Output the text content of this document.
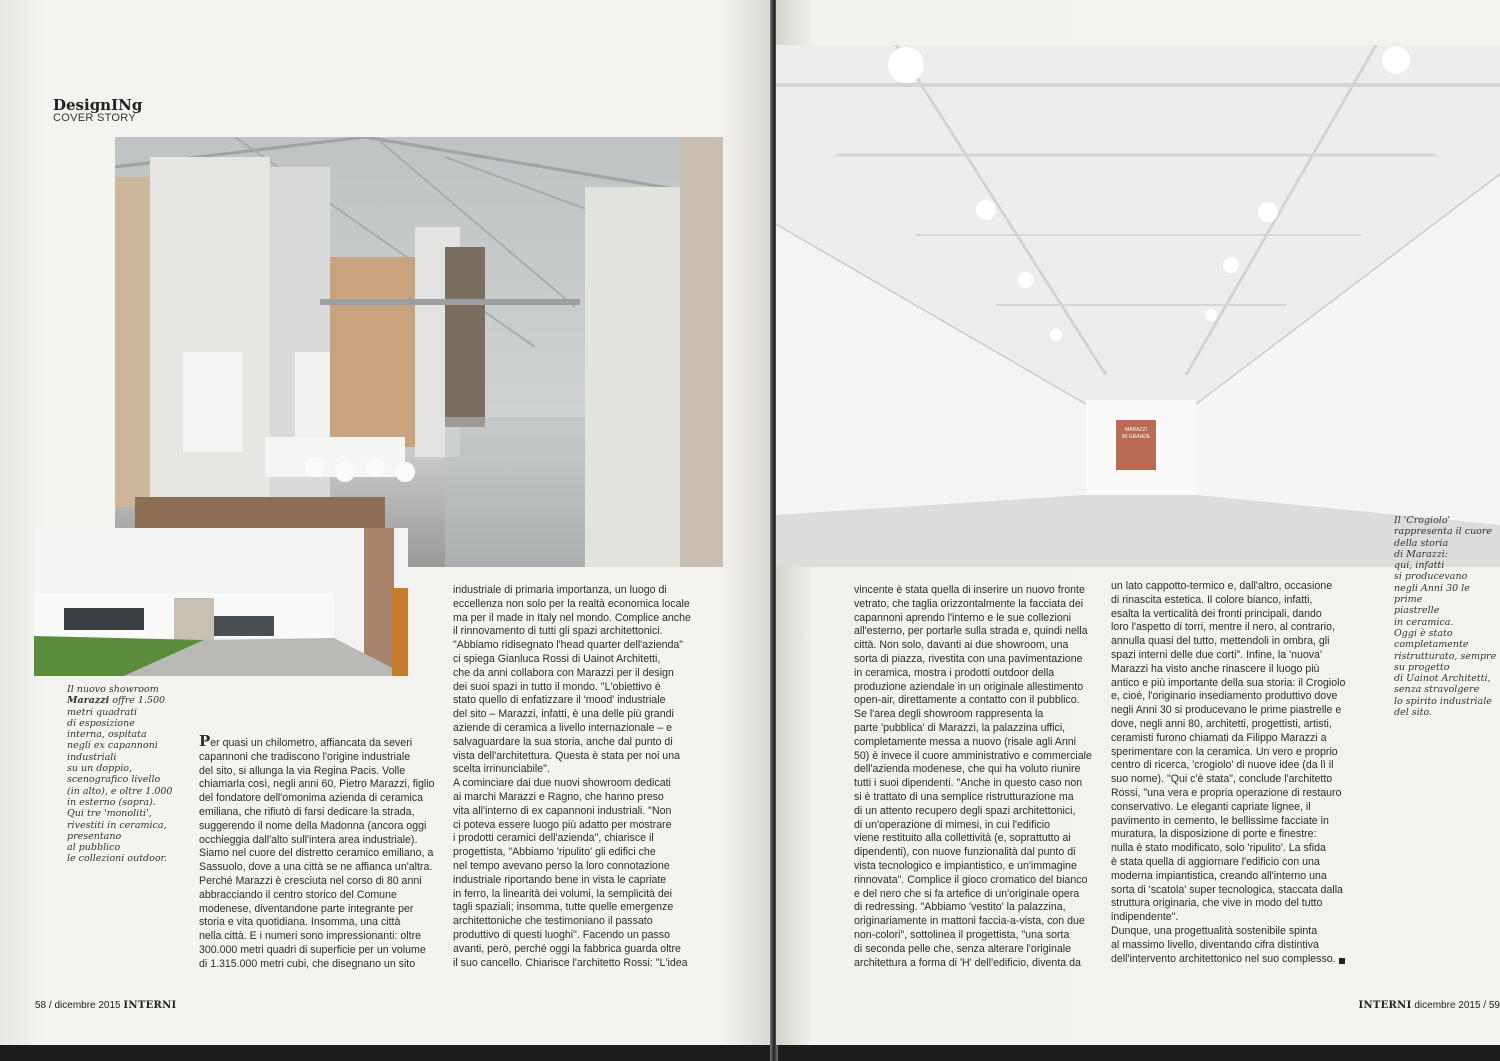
DesignINg
COVER STORY
Il nuovo showroom Marazzi offre 1.500
metri quadrati
di esposizione
interna, ospitata
negli ex capannoni
industriali
su un doppio,
scenografico livello
(in alto), e oltre 1.000
in esterno (sopra).
Qui tre 'monoliti',
rivestiti in ceramica,
presentano
al pubblico
le collezioni outdoor.
Per quasi un chilometro, affiancata da severi
capannoni che tradiscono l'origine industriale
del sito, si allunga la via Regina Pacis. Volle
chiamarla così, negli anni 60, Pietro Marazzi, figlio
del fondatore dell'omonima azienda di ceramica
emiliana, che rifiutò di farsi dedicare la strada,
suggerendo il nome della Madonna (ancora oggi
occhieggia dall'alto sull'intera area industriale).
Siamo nel cuore del distretto ceramico emiliano, a
Sassuolo, dove a una città se ne affianca un'altra.
Perché Marazzi è cresciuta nel corso di 80 anni
abbracciando il centro storico del Comune
modenese, diventandone parte integrante per
storia e vita quotidiana. Insomma, una città
nella città. E i numeri sono impressionanti: oltre
300.000 metri quadri di superficie per un volume
di 1.315.000 metri cubi, che disegnano un sito
industriale di primaria importanza, un luogo di
eccellenza non solo per la realtà economica locale
ma per il made in Italy nel mondo. Complice anche
il rinnovamento di tutti gli spazi architettonici.
"Abbiamo ridisegnato l'head quarter dell'azienda"
ci spiega Gianluca Rossi di Uainot Architetti,
che da anni collabora con Marazzi per il design
dei suoi spazi in tutto il mondo. "L'obiettivo è
stato quello di enfatizzare il 'mood' industriale
del sito – Marazzi, infatti, è una delle più grandi
aziende di ceramica a livello internazionale – e
salvaguardare la sua storia, anche dal punto di
vista dell'architettura. Questa è stata per noi una
scelta irrinunciabile".
A cominciare dai due nuovi showroom dedicati
ai marchi Marazzi e Ragno, che hanno preso
vita all'interno di ex capannoni industriali. "Non
ci poteva essere luogo più adatto per mostrare
i prodotti ceramici dell'azienda", chiarisce il
progettista, "Abbiamo 'ripulito' gli edifici che
nel tempo avevano perso la loro connotazione
industriale riportando bene in vista le capriate
in ferro, la linearità dei volumi, la semplicità dei
tagli spaziali; insomma, tutte quelle emergenze
architettoniche che testimoniano il passato
produttivo di questi luoghi". Facendo un passo
avanti, però, perché oggi la fabbrica guarda oltre
il suo cancello. Chiarisce l'architetto Rossi: "L'idea
58 / dicembre 2015 INTERNI
MARAZZI
80 GRANDE
vincente è stata quella di inserire un nuovo fronte
vetrato, che taglia orizzontalmente la facciata dei
capannoni aprendo l'interno e le sue collezioni
all'esterno, per portarle sulla strada e, quindi nella
città. Non solo, davanti ai due showroom, una
sorta di piazza, rivestita con una pavimentazione
in ceramica, mostra i prodotti outdoor della
produzione aziendale in un originale allestimento
open-air, direttamente a contatto con il pubblico.
Se l'area degli showroom rappresenta la
parte 'pubblica' di Marazzi, la palazzina uffici,
completamente messa a nuovo (risale agli Anni
50) è invece il cuore amministrativo e commerciale
dell'azienda modenese, che qui ha voluto riunire
tutti i suoi dipendenti. "Anche in questo caso non
si è trattato di una semplice ristrutturazione ma
di un attento recupero degli spazi architettonici,
di un'operazione di mimesi, in cui l'edificio
viene restituito alla collettività (e, soprattutto ai
dipendenti), con nuove funzionalità dal punto di
vista tecnologico e impiantistico, e un'immagine
rinnovata". Complice il gioco cromatico del bianco
e del nero che si fa artefice di un'originale opera
di redressing. "Abbiamo 'vestito' la palazzina,
originariamente in mattoni faccia-a-vista, con due
non-colori", sottolinea il progettista, "una sorta
di seconda pelle che, senza alterare l'originale
architettura a forma di 'H' dell'edificio, diventa da
un lato cappotto-termico e, dall'altro, occasione
di rinascita estetica. Il colore bianco, infatti,
esalta la verticalità dei fronti principali, dando
loro l'aspetto di torri, mentre il nero, al contrario,
annulla quasi del tutto, mettendoli in ombra, gli
spazi interni delle due corti". Infine, la 'nuova'
Marazzi ha visto anche rinascere il luogo più
antico e più importante della sua storia: il Crogiolo
e, cioè, l'originario insediamento produttivo dove
negli Anni 30 si producevano le prime piastrelle e
dove, negli anni 80, architetti, progettisti, artisti,
ceramisti furono chiamati da Filippo Marazzi a
sperimentare con la ceramica. Un vero e proprio
centro di ricerca, 'crogiolo' di nuove idee (da lì il
suo nome). "Qui c'è stata", conclude l'architetto
Rossi, "una vera e propria operazione di restauro
conservativo. Le eleganti capriate lignee, il
pavimento in cemento, le bellissime facciate in
muratura, la disposizione di porte e finestre:
nulla è stato modificato, solo 'ripulito'. La sfida
è stata quella di aggiornare l'edificio con una
moderna impiantistica, creando all'interno una
sorta di 'scatola' super tecnologica, staccata dalla
struttura originaria, che vive in modo del tutto
indipendente".
Dunque, una progettualità sostenibile spinta
al massimo livello, diventando cifra distintiva
dell'intervento architettonico nel suo complesso.
Il 'Crogiolo'
rappresenta il cuore
della storia
di Marazzi:
qui, infatti
si producevano
negli Anni 30 le prime
piastrelle
in ceramica.
Oggi è stato
completamente
ristrutturato, sempre
su progetto
di Uainot Architetti,
senza stravolgere
lo spirito industriale
del sito.
INTERNI dicembre 2015 / 59
